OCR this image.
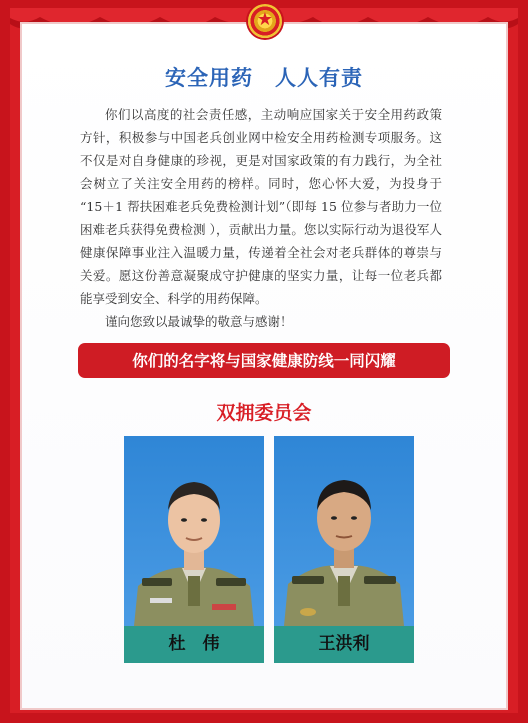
★
安全用药　人人有责

你们以高度的社会责任感，主动响应国家关于安全用药政策方针，积极参与中国老兵创业网中检安全用药检测专项服务。这不仅是对自身健康的珍视，更是对国家政策的有力践行，为全社会树立了关注安全用药的榜样。同时，您心怀大爱，为投身于 “15＋1 帮扶困难老兵免费检测计划”（即每 15 位参与者助力一位困难老兵获得免费检测 ），贡献出力量。您以实际行动为退役军人健康保障事业注入温暖力量，传递着全社会对老兵群体的尊崇与关爱。愿这份善意凝聚成守护健康的坚实力量，让每一位老兵都能享受到安全、科学的用药保障。

谨向您致以最诚挚的敬意与感谢！

你们的名字将与国家健康防线一同闪耀
双拥委员会
杜　伟	王洪利
